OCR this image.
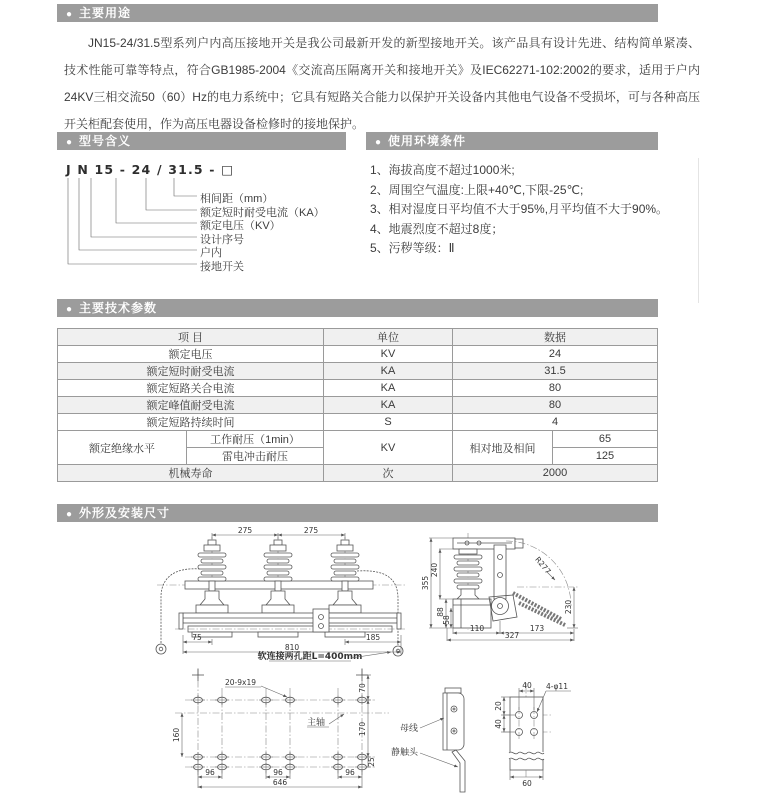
● 主要用途
JN15-24/31.5型系列户内高压接地开关是我公司最新开发的新型接地开关。该产品具有设计先进、结构简单紧凑、技术性能可靠等特点，符合GB1985-2004《交流高压隔离开关和接地开关》及IEC62271-102:2002的要求，适用于户内24KV三相交流50（60）Hz的电力系统中；它具有短路关合能力以保护开关设备内其他电气设备不受损坏，可与各种高压开关柜配套使用，作为高压电器设备检修时的接地保护。
● 型号含义
J N 15 - 24 / 31.5 - □
相间距（mm）
额定短时耐受电流（KA）
额定电压（KV）
设计序号
户内
接地开关
● 使用环境条件
1、海拔高度不超过1000米;
2、周围空气温度:上限+40℃,下限-25℃;
3、相对湿度日平均值不大于95%,月平均值不大于90%。
4、地震烈度不超过8度；
5、污秽等级：Ⅱ
● 主要技术参数
项 目		单位	数据	
额定电压		KV	24	
额定短时耐受电流		KA	31.5	
额定短路关合电流		KA	80	
额定峰值耐受电流		KA	80	
额定短路持续时间		S	4	
额定绝缘水平	工作耐压（1min）	KV	相对地及相间	65
	雷电冲击耐压			125
机械寿命		次	2000	
● 外形及安装尺寸
275	275
75	185
810
软连接两孔距L=400mm
R277
355
240
88
58
230
110	173
327
20-9x19
主轴
160
70
170
25
96	96	96
646
母线
静触头
40
20
40
4-φ11
60
